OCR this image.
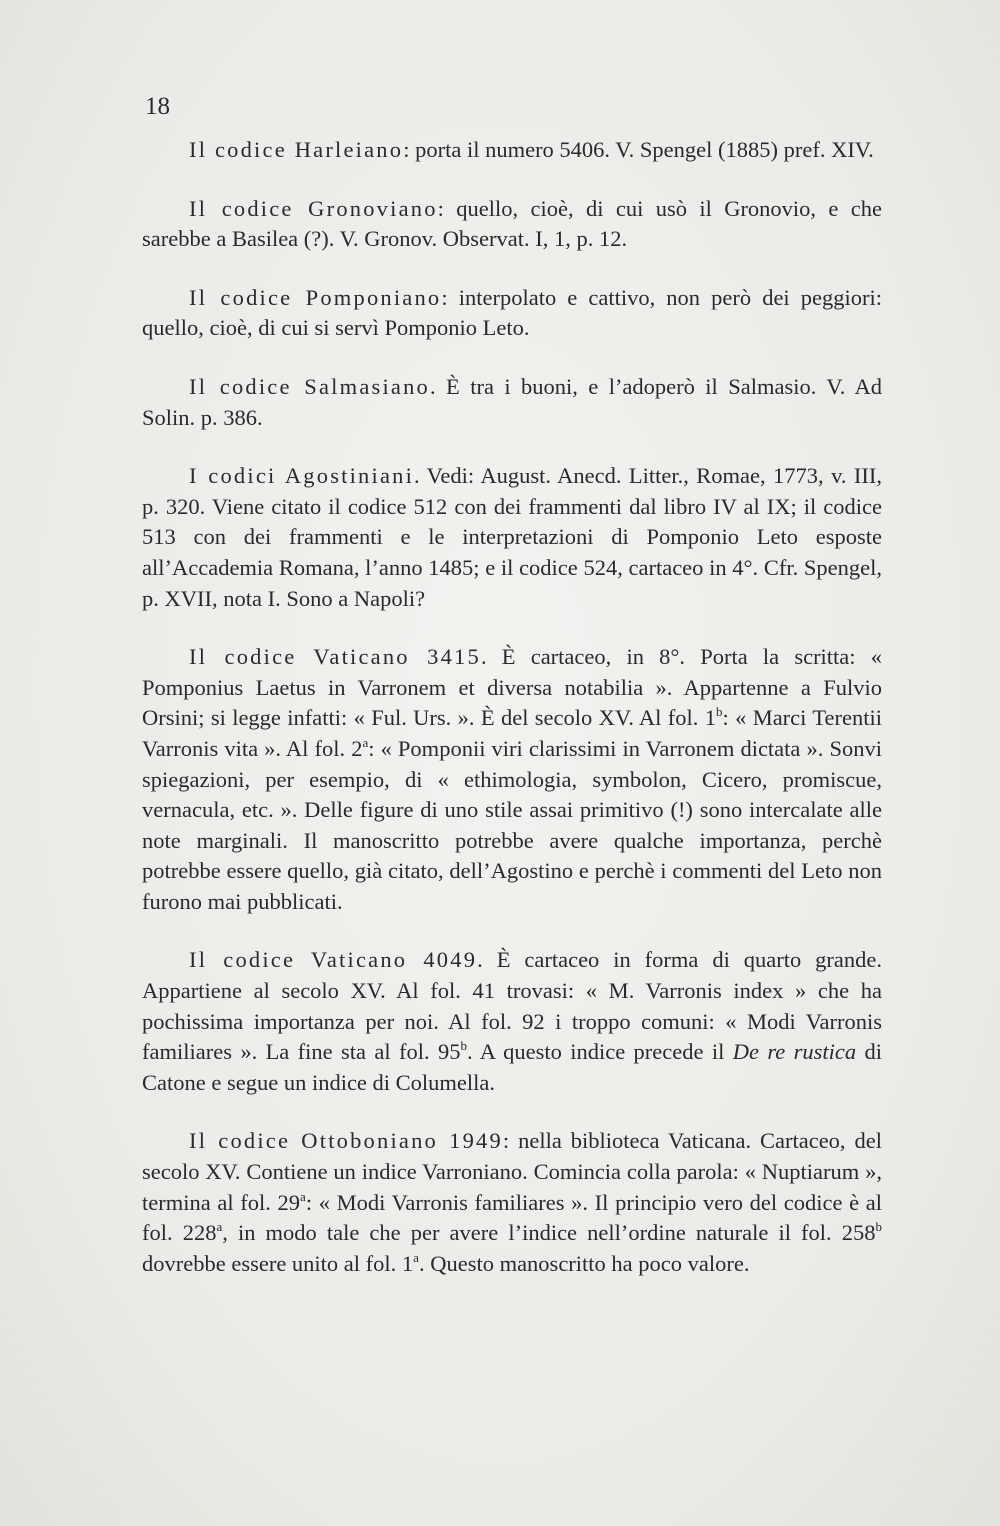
18

Il codice Harleiano: porta il numero 5406. V. Spengel (1885) pref. XIV.

Il codice Gronoviano: quello, cioè, di cui usò il Gronovio, e che sarebbe a Basilea (?). V. Gronov. Observat. I, 1, p. 12.

Il codice Pomponiano: interpolato e cattivo, non però dei peggiori: quello, cioè, di cui si servì Pomponio Leto.

Il codice Salmasiano. È tra i buoni, e l’adoperò il Salmasio. V. Ad Solin. p. 386.

I codici Agostiniani. Vedi: August. Anecd. Litter., Romae, 1773, v. III, p. 320. Viene citato il codice 512 con dei frammenti dal libro IV al IX; il codice 513 con dei frammenti e le interpretazioni di Pomponio Leto esposte all’Accademia Romana, l’anno 1485; e il codice 524, cartaceo in 4°. Cfr. Spengel, p. XVII, nota I. Sono a Napoli?

Il codice Vaticano 3415. È cartaceo, in 8°. Porta la scritta: « Pomponius Laetus in Varronem et diversa notabilia ». Appartenne a Fulvio Orsini; si legge infatti: « Ful. Urs. ». È del secolo XV. Al fol. 1$^b$: « Marci Terentii Varronis vita ». Al fol. 2$^a$: « Pomponii viri clarissimi in Varronem dictata ». Sonvi spiegazioni, per esempio, di « ethimologia, symbolon, Cicero, promiscue, vernacula, etc. ». Delle figure di uno stile assai primitivo (!) sono intercalate alle note marginali. Il manoscritto potrebbe avere qualche importanza, perchè potrebbe essere quello, già citato, dell’Agostino e perchè i commenti del Leto non furono mai pubblicati.

Il codice Vaticano 4049. È cartaceo in forma di quarto grande. Appartiene al secolo XV. Al fol. 41 trovasi: « M. Varronis index » che ha pochissima importanza per noi. Al fol. 92 i troppo comuni: « Modi Varronis familiares ». La fine sta al fol. 95$^b$. A questo indice precede il De re rustica di Catone e segue un indice di Columella.

Il codice Ottoboniano 1949: nella biblioteca Vaticana. Cartaceo, del secolo XV. Contiene un indice Varroniano. Comincia colla parola: « Nuptiarum », termina al fol. 29$^a$: « Modi Varronis familiares ». Il principio vero del codice è al fol. 228$^a$, in modo tale che per avere l’indice nell’ordine naturale il fol. 258$^b$ dovrebbe essere unito al fol. 1$^a$. Questo manoscritto ha poco valore.
